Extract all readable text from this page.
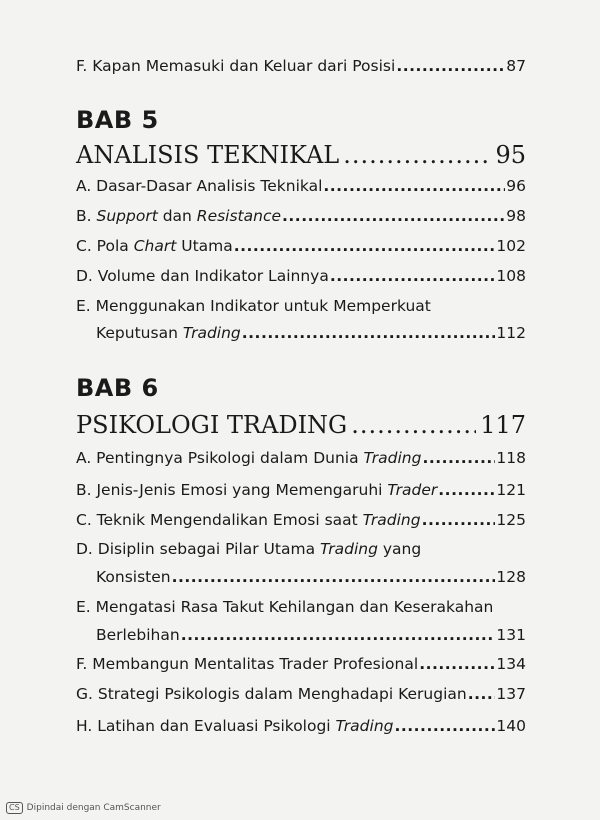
F. Kapan Memasuki dan Keluar dari Posisi .....	87
BAB 5
ANALISIS TEKNIKAL .....	95
A. Dasar-Dasar Analisis Teknikal .....	96
B. Support dan Resistance .....	98
C. Pola Chart Utama .....	102
D. Volume dan Indikator Lainnya .....	108
E. Menggunakan Indikator untuk Memperkuat
Keputusan Trading .....	112
BAB 6
PSIKOLOGI TRADING .....	117
A. Pentingnya Psikologi dalam Dunia Trading .....	118
B. Jenis-Jenis Emosi yang Memengaruhi Trader .....	121
C. Teknik Mengendalikan Emosi saat Trading .....	125
D. Disiplin sebagai Pilar Utama Trading yang
Konsisten .....	128
E. Mengatasi Rasa Takut Kehilangan dan Keserakahan
Berlebihan .....	131
F. Membangun Mentalitas Trader Profesional .....	134
G. Strategi Psikologis dalam Menghadapi Kerugian ..... 137
H. Latihan dan Evaluasi Psikologi Trading .....	140
CS Dipindai dengan CamScanner
